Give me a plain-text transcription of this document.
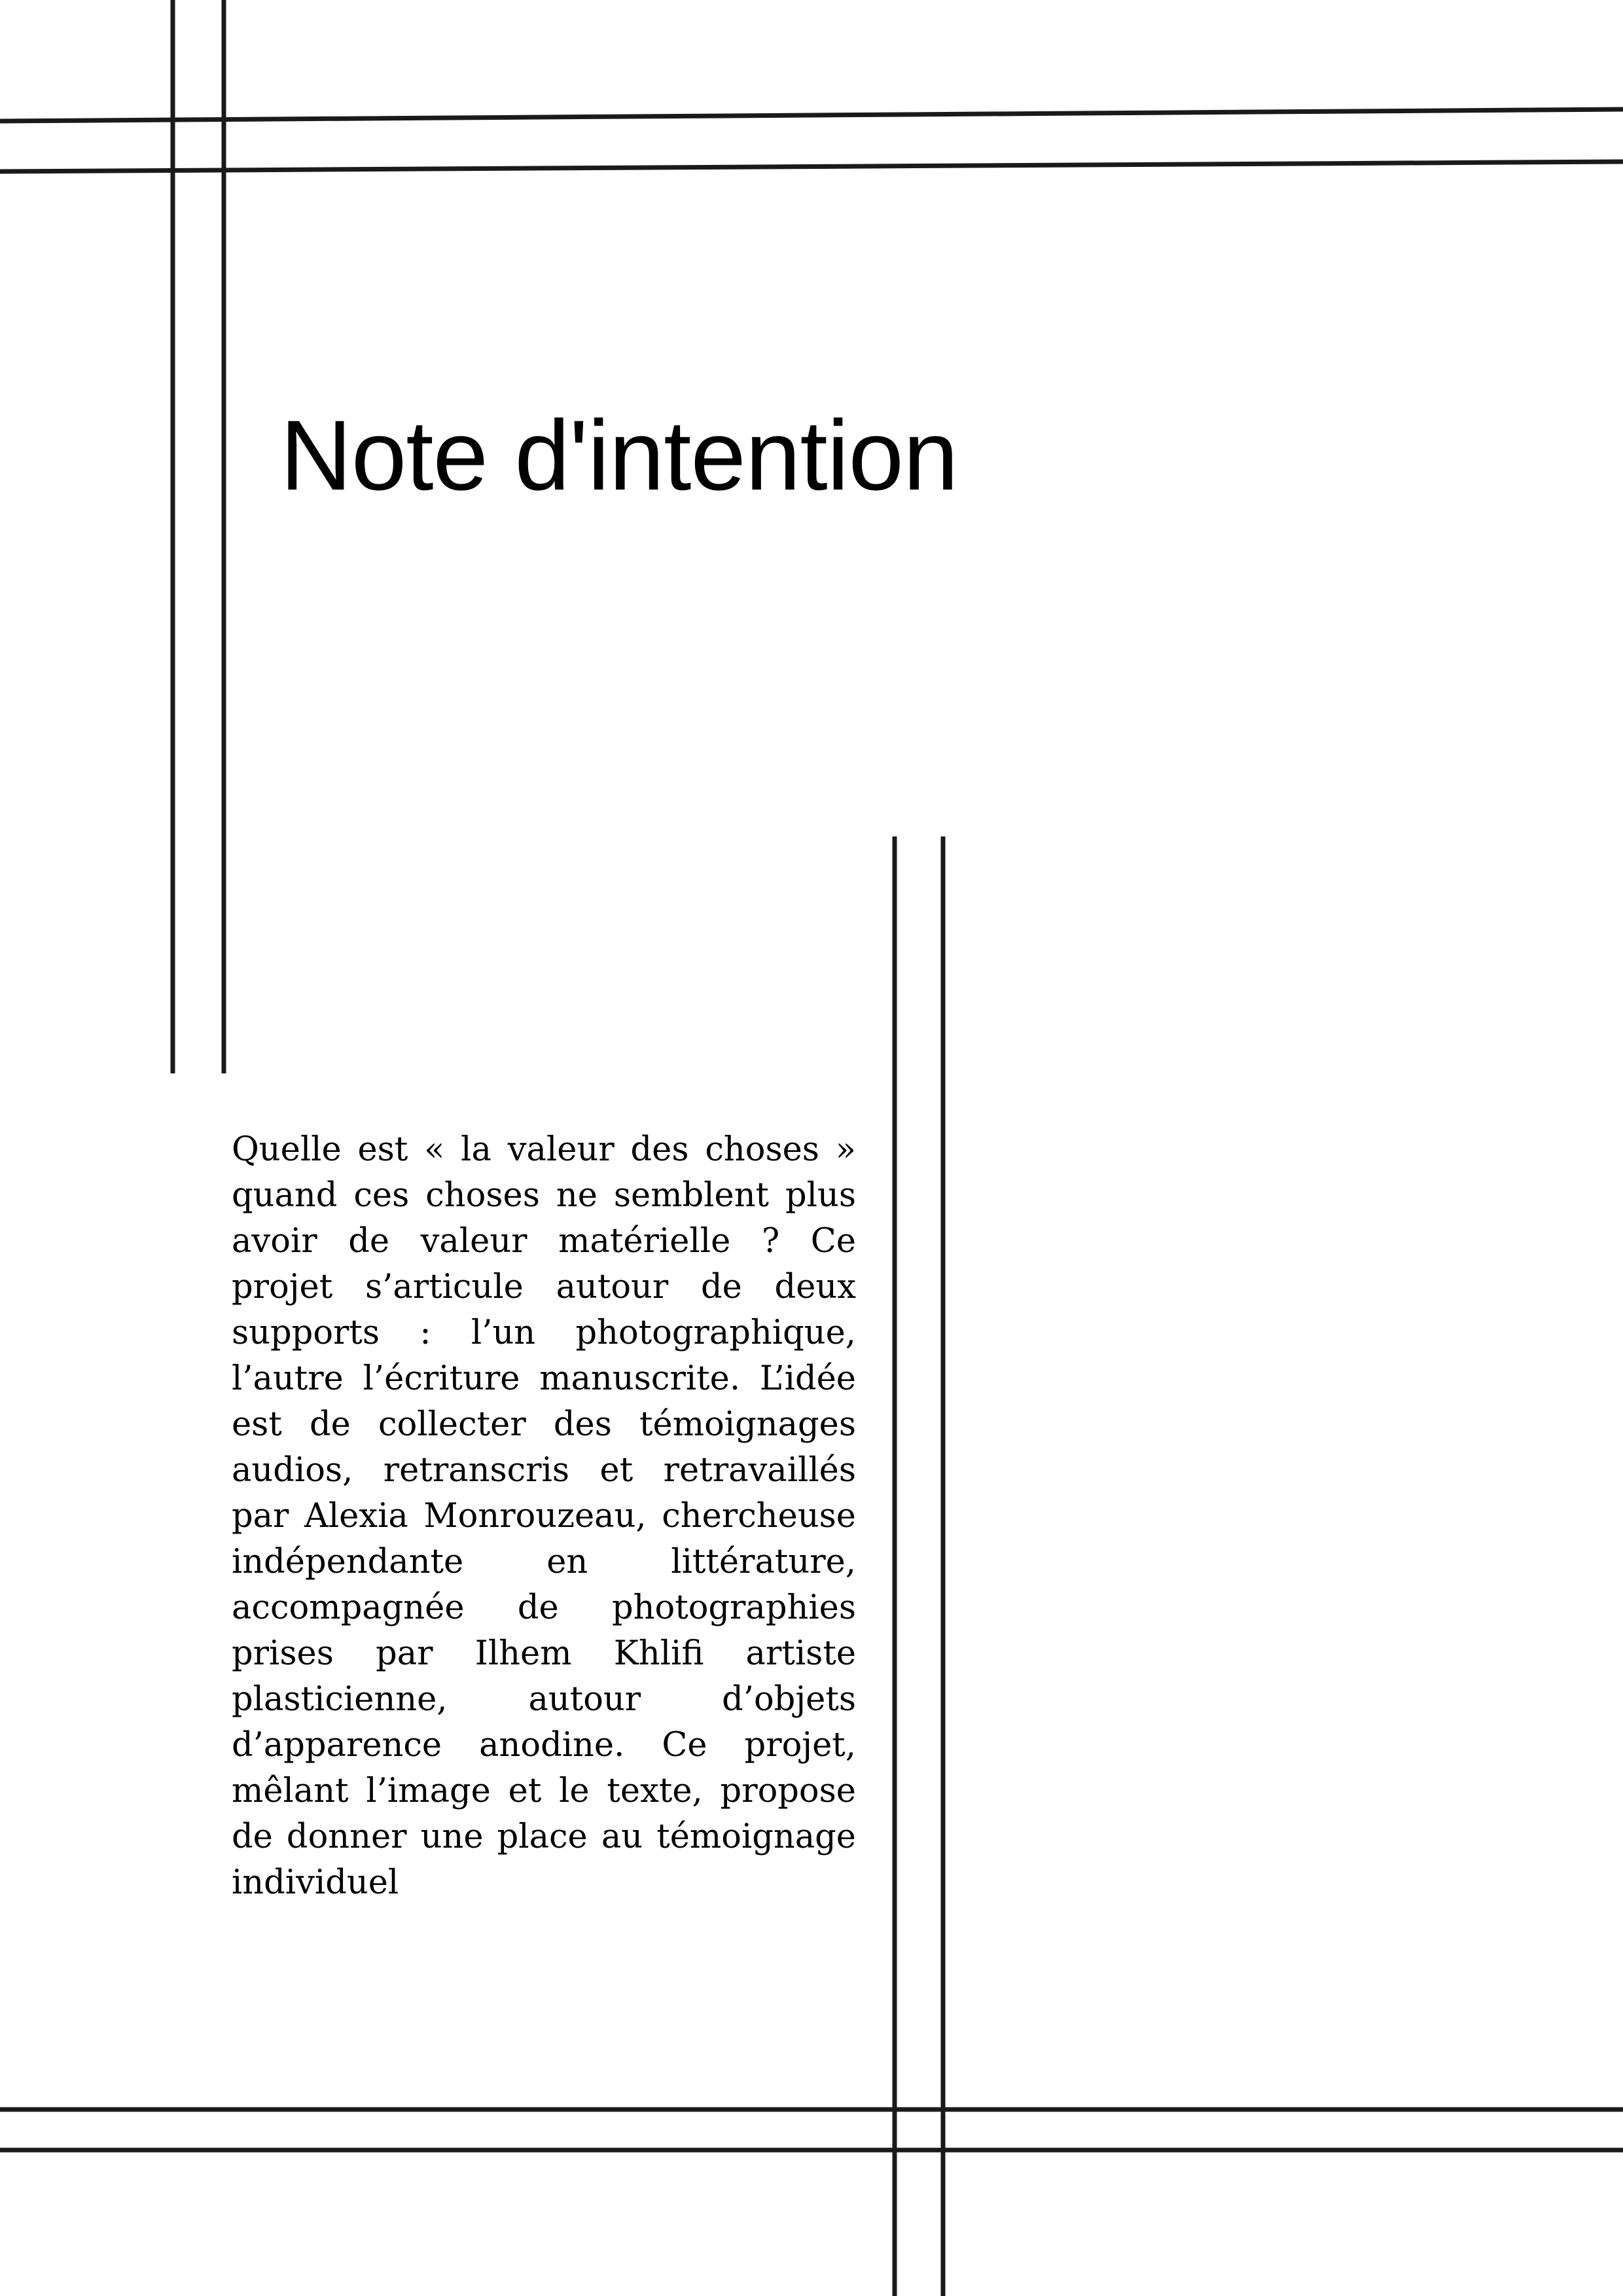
Note d'intention

Quelle est « la valeur des choses » quand ces choses ne semblent plus avoir de valeur matérielle ? Ce projet s’articule autour de deux supports : l’un photographique, l’autre l’écriture manuscrite. L’idée est de collecter des témoignages audios, retranscris et retravaillés par Alexia Monrouzeau, chercheuse indépendante en littérature, accompagnée de photographies prises par Ilhem Khlifi artiste plasticienne, autour d’objets d’apparence anodine. Ce projet, mêlant l’image et le texte, propose de donner une place au témoignage individuel
